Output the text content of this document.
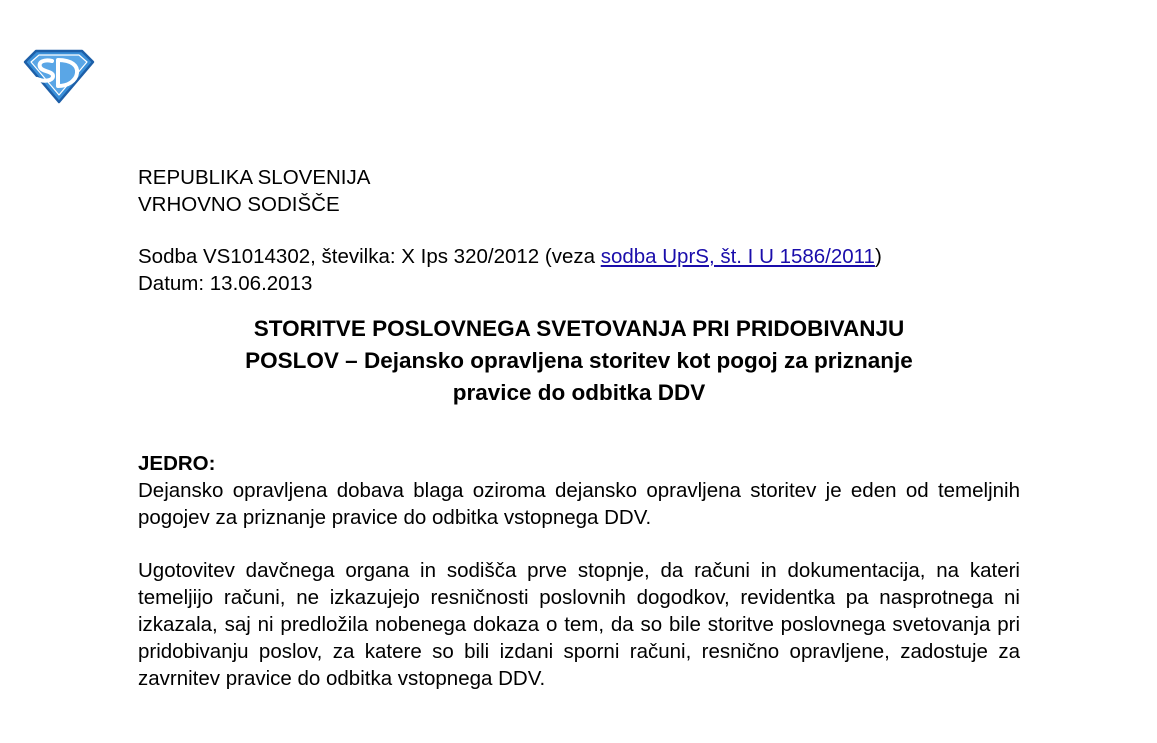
REPUBLIKA SLOVENIJA
VRHOVNO SODIŠČE
Sodba VS1014302, številka: X Ips 320/2012 (veza sodba UprS, št. I U 1586/2011)
Datum: 13.06.2013
STORITVE POSLOVNEGA SVETOVANJA PRI PRIDOBIVANJU
POSLOV – Dejansko opravljena storitev kot pogoj za priznanje
pravice do odbitka DDV
JEDRO:

Dejansko opravljena dobava blaga oziroma dejansko opravljena storitev je eden od temeljnih pogojev za priznanje pravice do odbitka vstopnega DDV.

Ugotovitev davčnega organa in sodišča prve stopnje, da računi in dokumentacija, na kateri temeljijo računi, ne izkazujejo resničnosti poslovnih dogodkov, revidentka pa nasprotnega ni izkazala, saj ni predložila nobenega dokaza o tem, da so bile storitve poslovnega svetovanja pri pridobivanju poslov, za katere so bili izdani sporni računi, resnično opravljene, zadostuje za zavrnitev pravice do odbitka vstopnega DDV.
